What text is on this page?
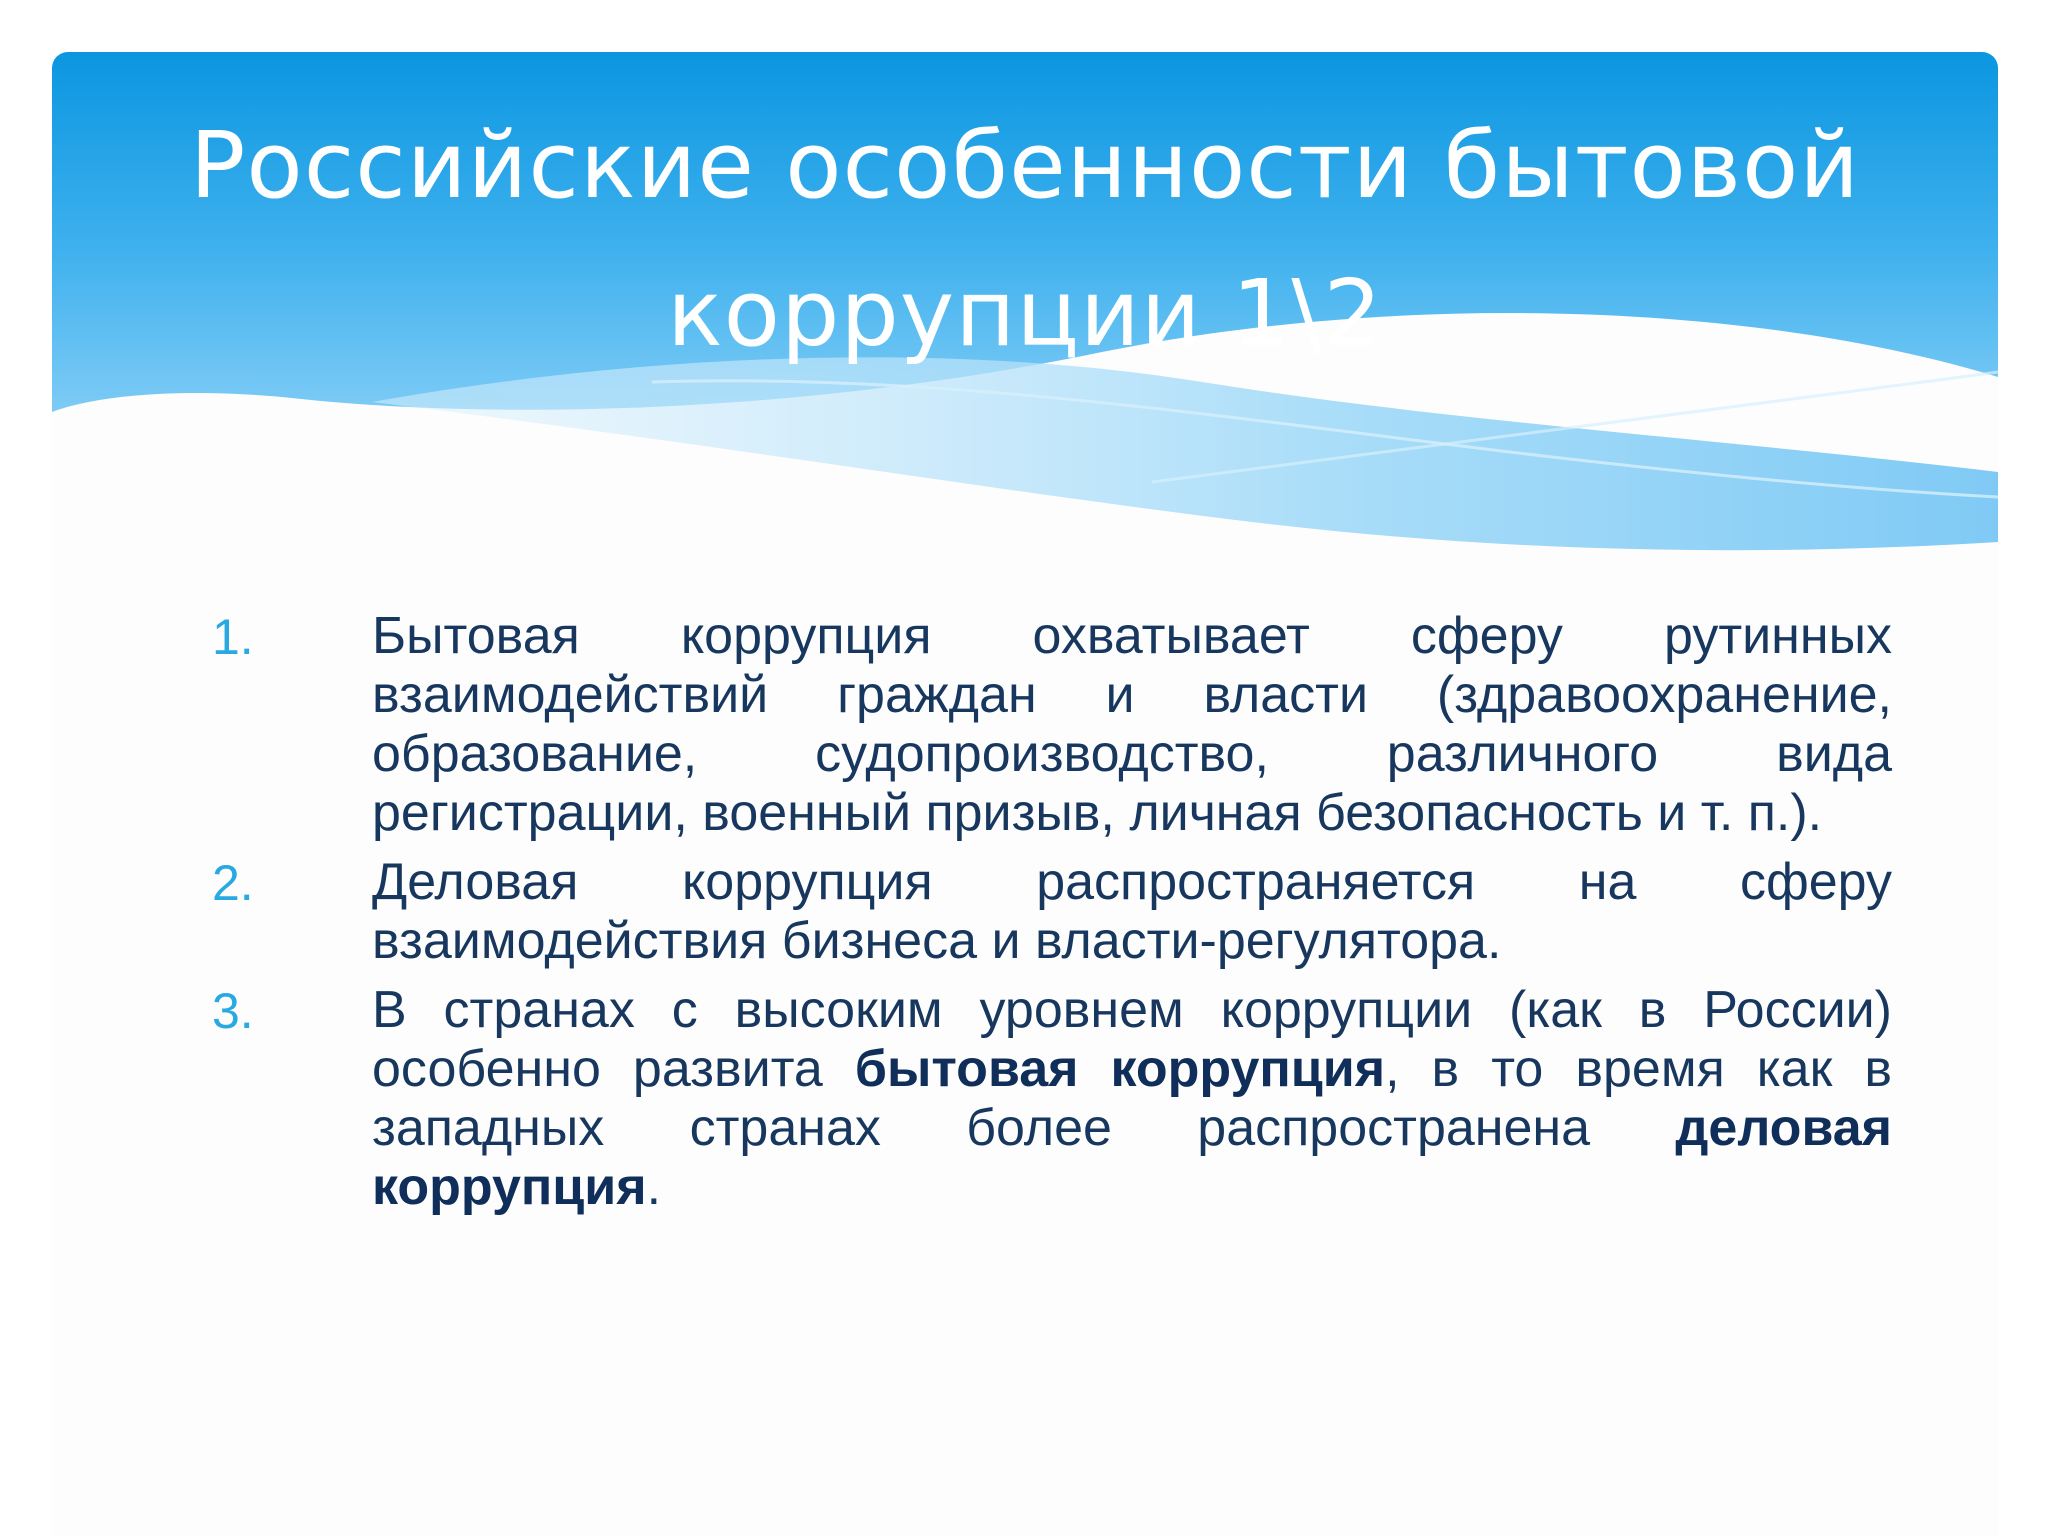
Российские особенности бытовой коррупции 1\2
1.	Бытовая коррупция охватывает сферу рутинных взаимодействий граждан и власти (здравоохранение, образование, судопроизводство, различного вида регистрации, военный призыв, личная безопасность и т. п.).
2.	Деловая коррупция распространяется на сферу взаимодействия бизнеса и власти-регулятора.
3.	В странах с высоким уровнем коррупции (как в России) особенно развита бытовая коррупция, в то время как в западных странах более распространена деловая коррупция.
